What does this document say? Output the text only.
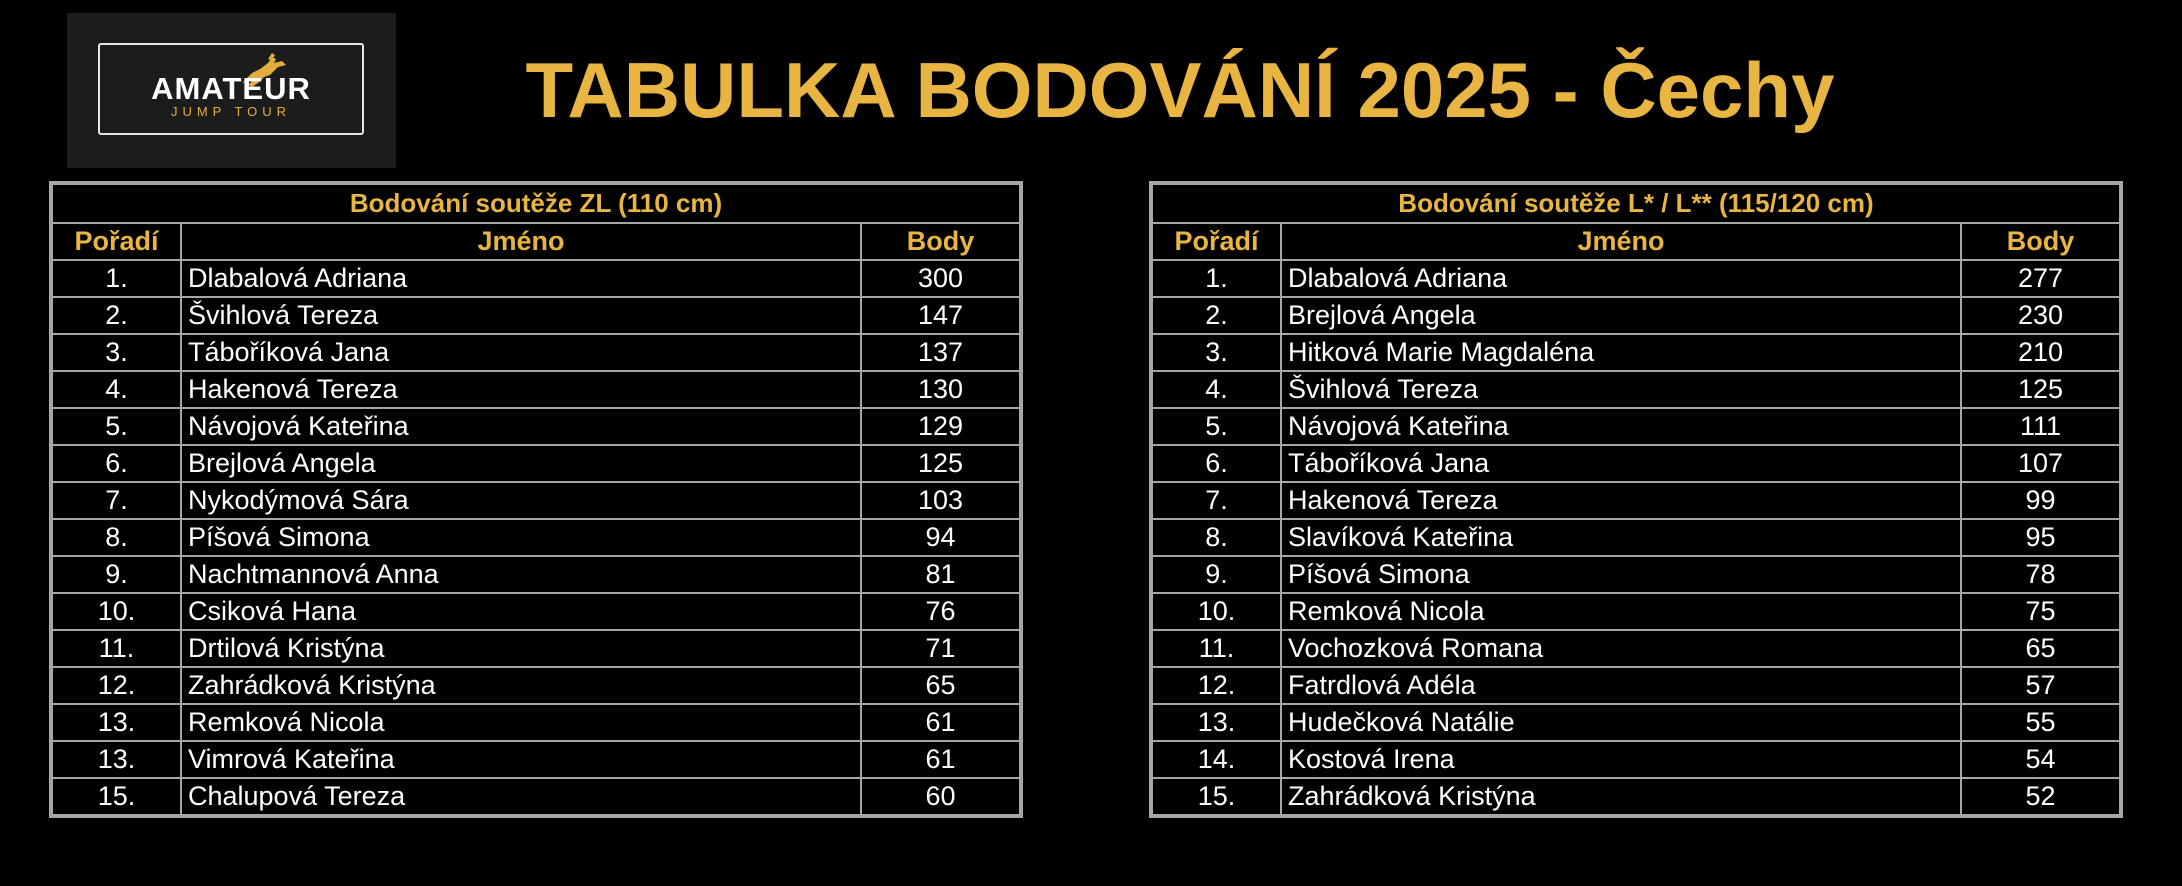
AMATEUR
JUMP TOUR	TABULKA BODOVÁNÍ 2025 - Čechy
Bodování soutěže ZL (110 cm)		
Pořadí	Jméno	Body
1.	Dlabalová Adriana	300
2.	Švihlová Tereza	147
3.	Táboříková Jana	137
4.	Hakenová Tereza	130
5.	Návojová Kateřina	129
6.	Brejlová Angela	125
7.	Nykodýmová Sára	103
8.	Píšová Simona	94
9.	Nachtmannová Anna	81
10.	Csiková Hana	76
11.	Drtilová Kristýna	71
12.	Zahrádková Kristýna	65
13.	Remková Nicola	61
13.	Vimrová Kateřina	61
15.	Chalupová Tereza	60
Bodování soutěže L* / L** (115/120 cm)		
Pořadí	Jméno	Body
1.	Dlabalová Adriana	277
2.	Brejlová Angela	230
3.	Hitková Marie Magdaléna	210
4.	Švihlová Tereza	125
5.	Návojová Kateřina	111
6.	Táboříková Jana	107
7.	Hakenová Tereza	99
8.	Slavíková Kateřina	95
9.	Píšová Simona	78
10.	Remková Nicola	75
11.	Vochozková Romana	65
12.	Fatrdlová Adéla	57
13.	Hudečková Natálie	55
14.	Kostová Irena	54
15.	Zahrádková Kristýna	52
